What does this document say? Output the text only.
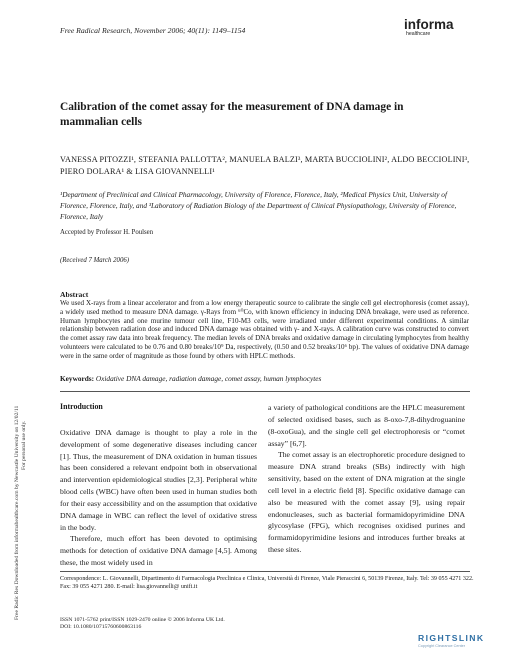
Free Radic Res Downloaded from informahealthcare.com by Newcastle University on 12/02/11 For personal use only.
Free Radical Research, November 2006; 40(11): 1149–1154	informa
healthcare
Calibration of the comet assay for the measurement of DNA damage in mammalian cells
VANESSA PITOZZI¹, STEFANIA PALLOTTA², MANUELA BALZI³, MARTA BUCCIOLINI², ALDO BECCIOLINI³, PIERO DOLARA¹ & LISA GIOVANNELLI¹
¹Department of Preclinical and Clinical Pharmacology, University of Florence, Florence, Italy, ²Medical Physics Unit, University of Florence, Florence, Italy, and ³Laboratory of Radiation Biology of the Department of Clinical Physiopathology, University of Florence, Florence, Italy
Accepted by Professor H. Poulsen
(Received 7 March 2006)
Abstract
We used X-rays from a linear accelerator and from a low energy therapeutic source to calibrate the single cell gel electrophoresis (comet assay), a widely used method to measure DNA damage. γ-Rays from ⁶⁰Co, with known efficiency in inducing DNA breakage, were used as reference. Human lymphocytes and one murine tumour cell line, F10-M3 cells, were irradiated under different experimental conditions. A similar relationship between radiation dose and induced DNA damage was obtained with γ- and X-rays. A calibration curve was constructed to convert the comet assay raw data into break frequency. The median levels of DNA breaks and oxidative damage in circulating lymphocytes from healthy volunteers were calculated to be 0.76 and 0.80 breaks/10⁹ Da, respectively, (0.50 and 0.52 breaks/10⁶ bp). The values of oxidative DNA damage were in the same order of magnitude as those found by others with HPLC methods.
Keywords: Oxidative DNA damage, radiation damage, comet assay, human lymphocytes

Introduction

Oxidative DNA damage is thought to play a role in the development of some degenerative diseases including cancer [1]. Thus, the measurement of DNA oxidation in human tissues has been considered a relevant endpoint both in observational and intervention epidemiological studies [2,3]. Peripheral white blood cells (WBC) have often been used in human studies both for their easy accessibility and on the assumption that oxidative DNA damage in WBC can reflect the level of oxidative stress in the body.

Therefore, much effort has been devoted to optimising methods for detection of oxidative DNA damage [4,5]. Among these, the most widely used in

a variety of pathological conditions are the HPLC measurement of selected oxidised bases, such as 8-oxo-7,8-dihydroguanine (8-oxoGua), and the single cell gel electrophoresis or “comet assay” [6,7].

The comet assay is an electrophoretic procedure designed to measure DNA strand breaks (SBs) indirectly with high sensitivity, based on the extent of DNA migration at the single cell level in a electric field [8]. Specific oxidative damage can also be measured with the comet assay [9], using repair endonucleases, such as bacterial formamidopyrimidine DNA glycosylase (FPG), which recognises oxidised purines and formamidopyrimidine lesions and introduces further breaks at these sites.

Correspondence: L. Giovannelli, Dipartimento di Farmacologia Preclinica e Clinica, Università di Firenze, Viale Pieraccini 6, 50139 Firenze, Italy. Tel: 39 055 4271 322. Fax: 39 055 4271 280. E-mail: lisa.giovannelli@ unifi.it
ISSN 1071-5762 print/ISSN 1029-2470 online © 2006 Informa UK Ltd.
DOI: 10.1080/10715760600863116
RIGHTSLINK
Copyright Clearance Center
